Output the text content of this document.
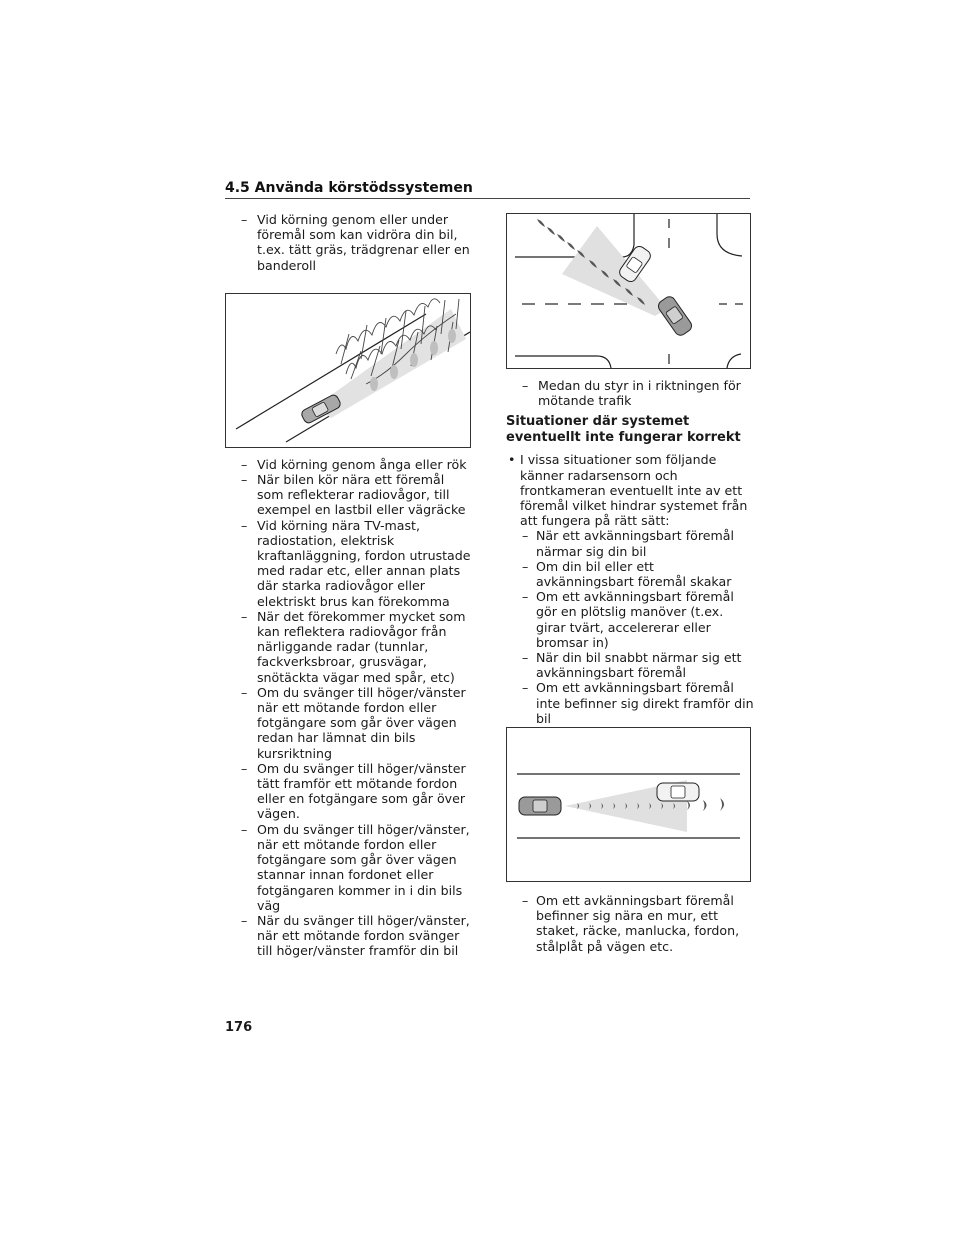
4.5 Använda körstödssystemen
– Vid körning genom eller under föremål som kan vidröra din bil, t.ex. tätt gräs, trädgrenar eller en banderoll
– Vid körning genom ånga eller rök
– När bilen kör nära ett föremål som reflekterar radiovågor, till exempel en lastbil eller vägräcke
– Vid körning nära TV-mast, radiostation, elektrisk kraftanläggning, fordon utrustade med radar etc, eller annan plats där starka radiovågor eller elektriskt brus kan förekomma
– När det förekommer mycket som kan reflektera radiovågor från närliggande radar (tunnlar, fackverksbroar, grusvägar, snötäckta vägar med spår, etc)
– Om du svänger till höger/vänster när ett mötande fordon eller fotgängare som går över vägen redan har lämnat din bils kursriktning
– Om du svänger till höger/vänster tätt framför ett mötande fordon eller en fotgängare som går över vägen.
– Om du svänger till höger/vänster, när ett mötande fordon eller fotgängare som går över vägen stannar innan fordonet eller fotgängaren kommer in i din bils väg
– När du svänger till höger/vänster, när ett mötande fordon svänger till höger/vänster framför din bil
– Medan du styr in i riktningen för mötande trafik
Situationer där systemet eventuellt inte fungerar korrekt
• I vissa situationer som följande känner radarsensorn och frontkameran eventuellt inte av ett föremål vilket hindrar systemet från att fungera på rätt sätt:
– När ett avkänningsbart föremål närmar sig din bil
– Om din bil eller ett avkänningsbart föremål skakar
– Om ett avkänningsbart föremål gör en plötslig manöver (t.ex. girar tvärt, accelererar eller bromsar in)
– När din bil snabbt närmar sig ett avkänningsbart föremål
– Om ett avkänningsbart föremål inte befinner sig direkt framför din bil
– Om ett avkänningsbart föremål befinner sig nära en mur, ett staket, räcke, manlucka, fordon, stålplåt på vägen etc.
176
